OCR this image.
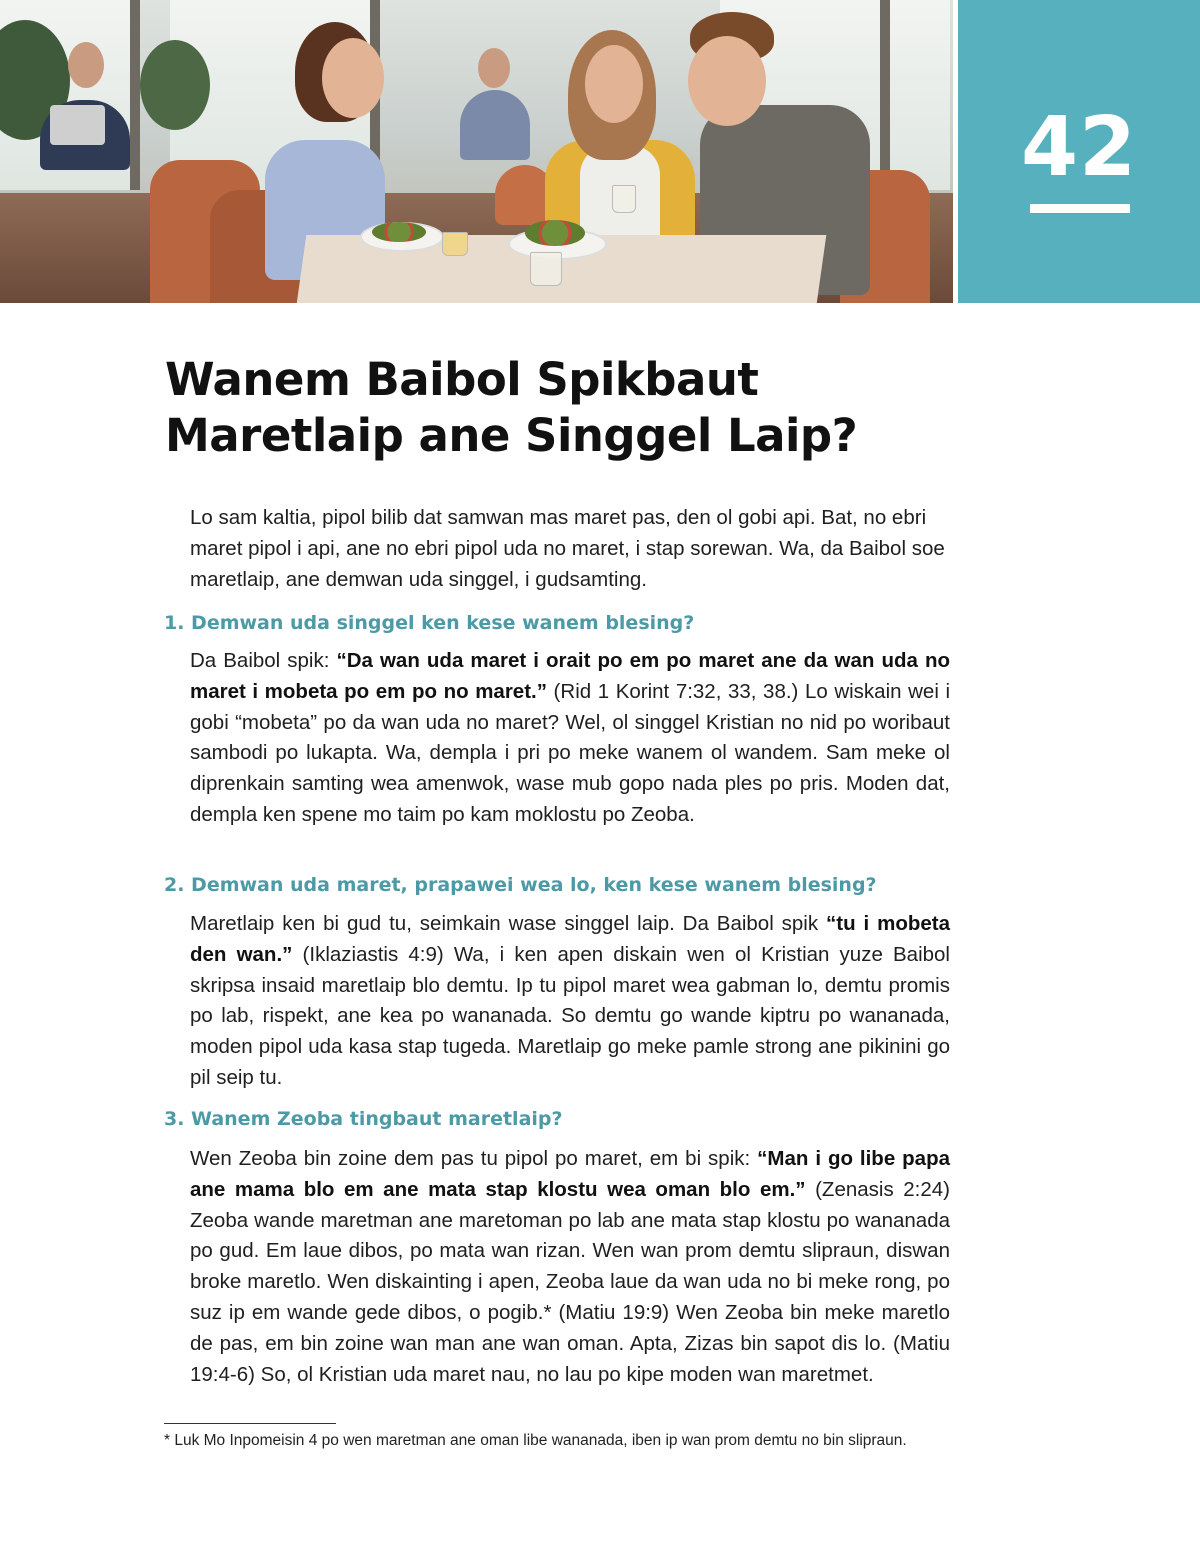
42
Wanem Baibol Spikbaut
Maretlaip ane Singgel Laip?
Lo sam kaltia, pipol bilib dat samwan mas maret pas, den ol gobi api. Bat, no ebri maret pipol i api, ane no ebri pipol uda no maret, i stap sorewan. Wa, da Baibol soe maretlaip, ane demwan uda singgel, i gudsamting.
1. Demwan uda singgel ken kese wanem blesing?
Da Baibol spik: “Da wan uda maret i orait po em po maret ane da wan uda no maret i mobeta po em po no maret.” (Rid 1 Korint 7:32, 33, 38.) Lo wiskain wei i gobi “mobeta” po da wan uda no maret? Wel, ol singgel Kristian no nid po woribaut sambodi po lukapta. Wa, dempla i pri po meke wanem ol wandem. Sam meke ol diprenkain samting wea amenwok, wase mub gopo nada ples po pris. Moden dat, dempla ken spene mo taim po kam moklostu po Zeoba.
2. Demwan uda maret, prapawei wea lo, ken kese wanem blesing?
Maretlaip ken bi gud tu, seimkain wase singgel laip. Da Baibol spik “tu i mobeta den wan.” (Iklaziastis 4:9) Wa, i ken apen diskain wen ol Kristian yuze Baibol skripsa insaid maretlaip blo demtu. Ip tu pipol maret wea gabman lo, demtu promis po lab, rispekt, ane kea po wananada. So demtu go wande kiptru po wananada, moden pipol uda kasa stap tugeda. Maretlaip go meke pamle strong ane pikinini go pil seip tu.
3. Wanem Zeoba tingbaut maretlaip?
Wen Zeoba bin zoine dem pas tu pipol po maret, em bi spik: “Man i go libe papa ane mama blo em ane mata stap klostu wea oman blo em.” (Zenasis 2:24) Zeoba wande maretman ane maretoman po lab ane mata stap klostu po wananada po gud. Em laue dibos, po mata wan rizan. Wen wan prom demtu slipraun, diswan broke maretlo. Wen diskainting i apen, Zeoba laue da wan uda no bi meke rong, po suz ip em wande gede dibos, o pogib.* (Matiu 19:9) Wen Zeoba bin meke maretlo de pas, em bin zoine wan man ane wan oman. Apta, Zizas bin sapot dis lo. (Matiu 19:4-6) So, ol Kristian uda maret nau, no lau po kipe moden wan maretmet.
* Luk Mo Inpomeisin 4 po wen maretman ane oman libe wananada, iben ip wan prom demtu no bin slipraun.
